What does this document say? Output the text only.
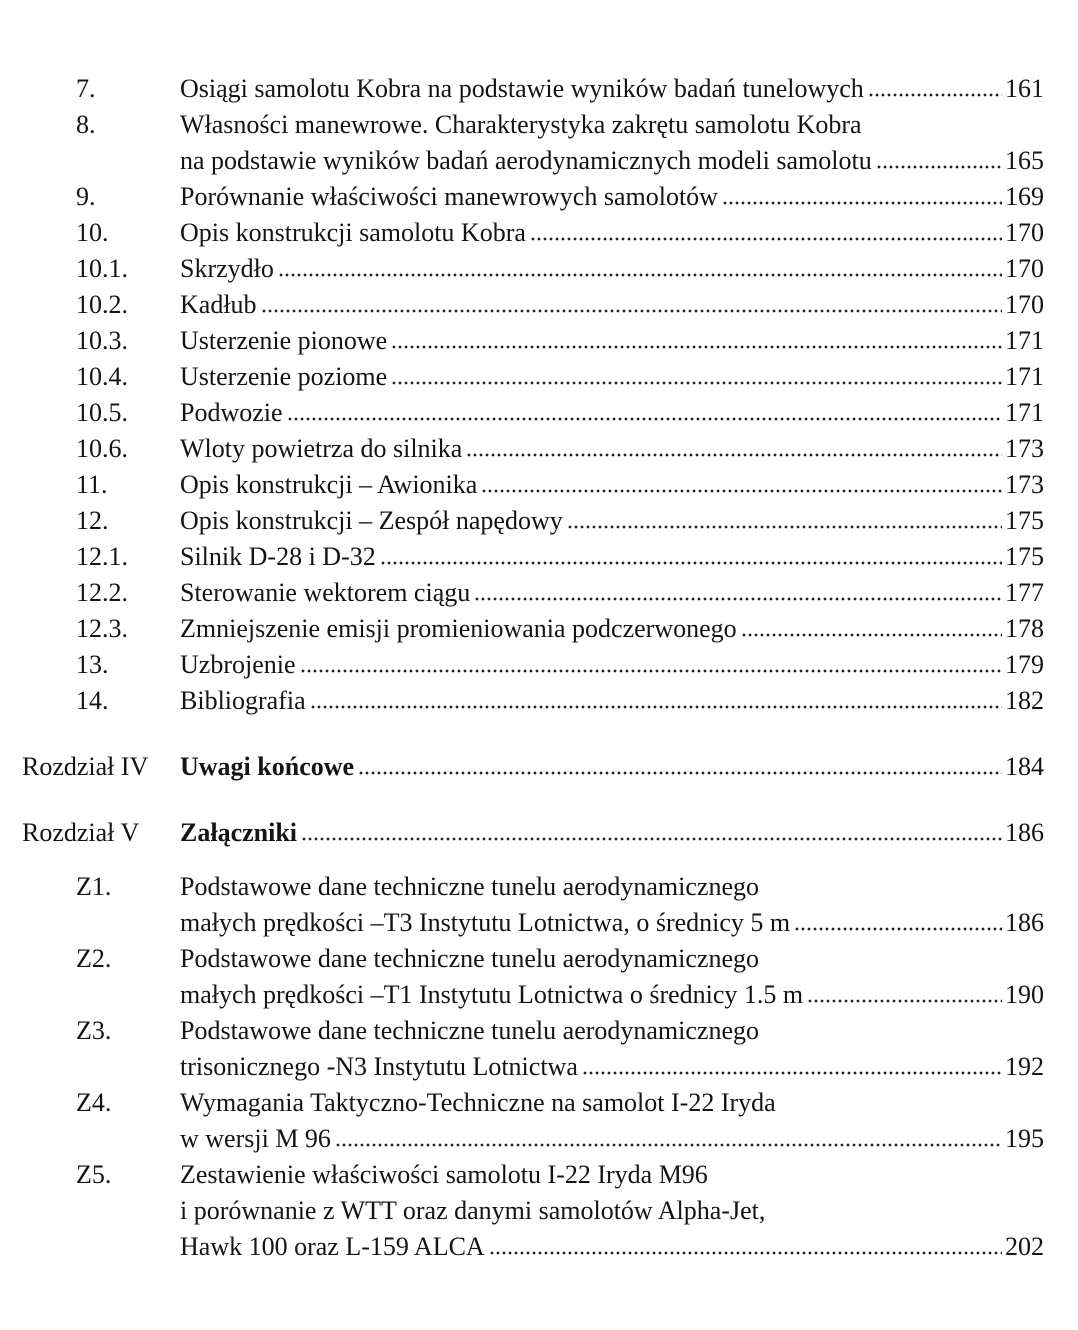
7.	Osiągi samolotu Kobra na podstawie wyników badań tunelowych	161
8.	Własności manewrowe. Charakterystyka zakrętu samolotu Kobra
na podstawie wyników badań aerodynamicznych modeli samolotu	165
9.	Porównanie właściwości manewrowych samolotów	169
10.	Opis konstrukcji samolotu Kobra	170
10.1. Skrzydło	170
10.2. Kadłub	170
10.3. Usterzenie pionowe	171
10.4. Usterzenie poziome	171
10.5. Podwozie	171
10.6. Wloty powietrza do silnika	173
11.	Opis konstrukcji – Awionika	173
12.	Opis konstrukcji – Zespół napędowy	175
12.1. Silnik D-28 i D-32	175
12.2. Sterowanie wektorem ciągu	177
12.3. Zmniejszenie emisji promieniowania podczerwonego	178
13.	Uzbrojenie	179
14.	Bibliografia	182
Rozdział IV Uwagi końcowe	184
Rozdział V Załączniki	186
Z1.	Podstawowe dane techniczne tunelu aerodynamicznego
małych prędkości –T3 Instytutu Lotnictwa, o średnicy 5 m	186
Z2.	Podstawowe dane techniczne tunelu aerodynamicznego
małych prędkości –T1 Instytutu Lotnictwa o średnicy 1.5 m	190
Z3.	Podstawowe dane techniczne tunelu aerodynamicznego
trisonicznego -N3 Instytutu Lotnictwa	192
Z4.	Wymagania Taktyczno-Techniczne na samolot I-22 Iryda
w wersji M 96	195
Z5.	Zestawienie właściwości samolotu I-22 Iryda M96
i porównanie z WTT oraz danymi samolotów Alpha-Jet,
Hawk 100 oraz L-159 ALCA	202
